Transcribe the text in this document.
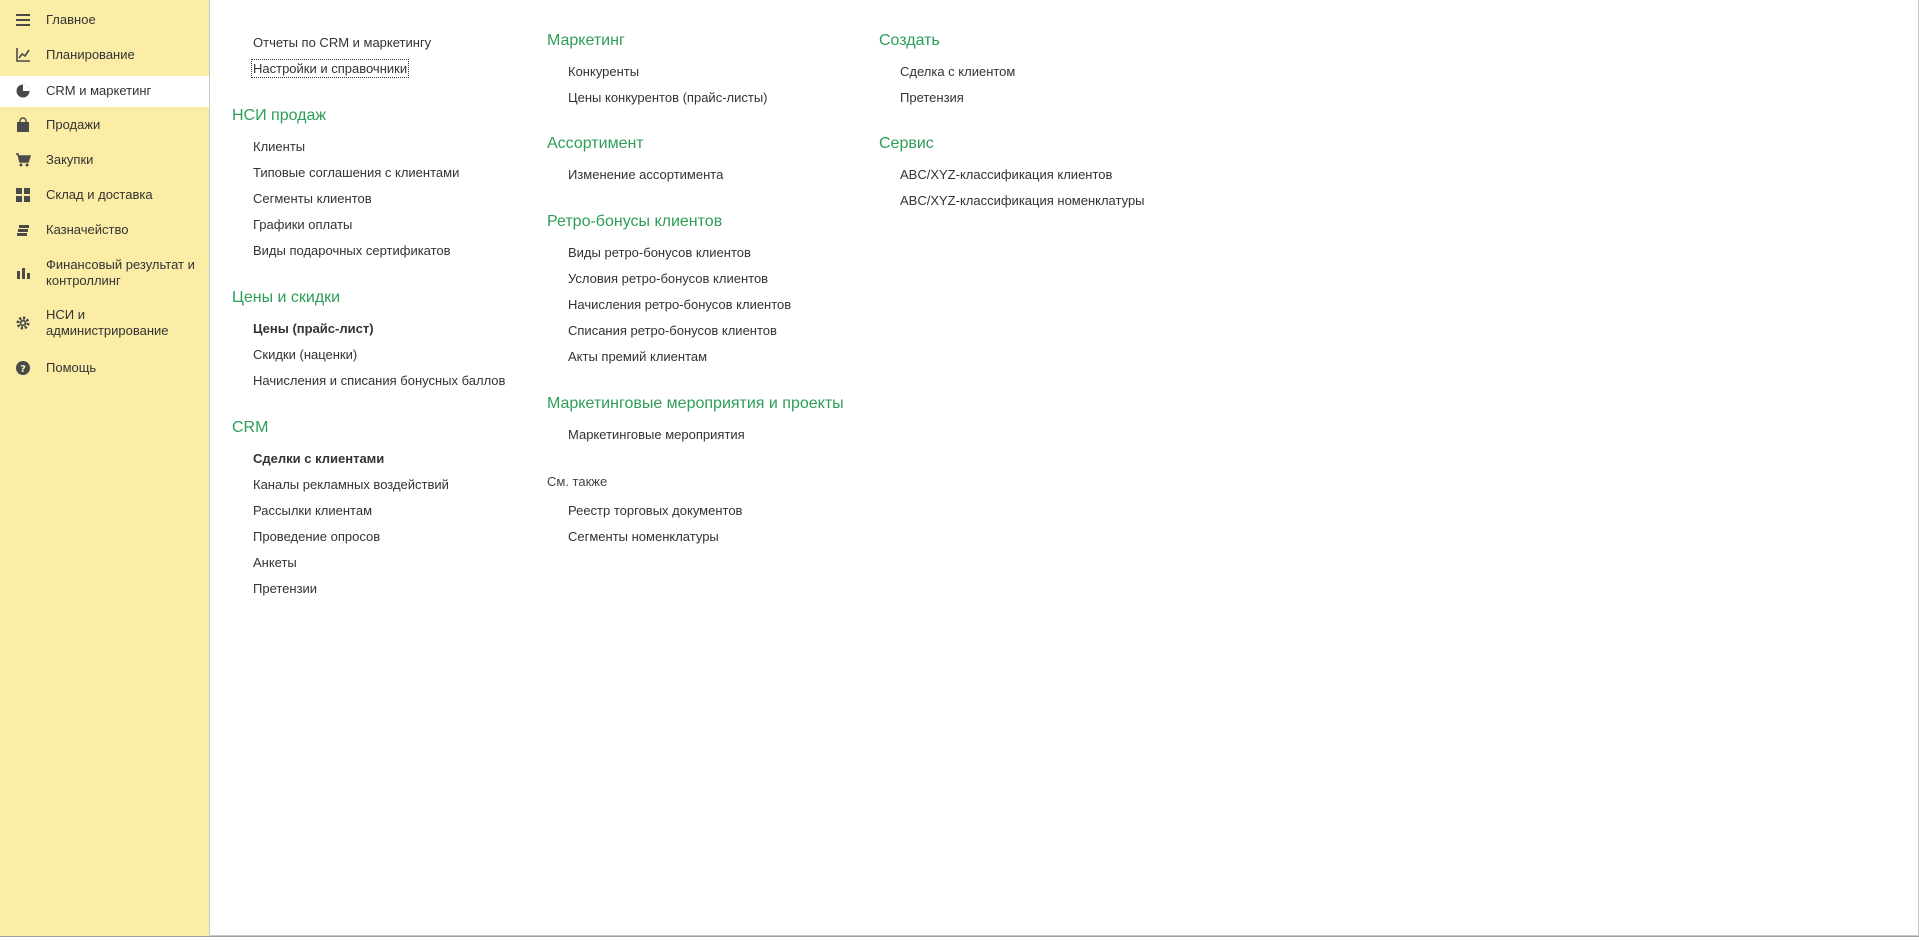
Главное
Планирование
CRM и маркетинг
Продажи
Закупки
Склад и доставка
Казначейство
Финансовый результат и контроллинг
НСИ и администрирование
? Помощь
Отчеты по CRM и маркетингу
Настройки и справочники
НСИ продаж
Клиенты
Типовые соглашения с клиентами
Сегменты клиентов
Графики оплаты
Виды подарочных сертификатов
Цены и скидки
Цены (прайс-лист)
Скидки (наценки)
Начисления и списания бонусных баллов
CRM
Сделки с клиентами
Каналы рекламных воздействий
Рассылки клиентам
Проведение опросов
Анкеты
Претензии
Маркетинг
Конкуренты
Цены конкурентов (прайс-листы)
Ассортимент
Изменение ассортимента
Ретро-бонусы клиентов
Виды ретро-бонусов клиентов
Условия ретро-бонусов клиентов
Начисления ретро-бонусов клиентов
Списания ретро-бонусов клиентов
Акты премий клиентам
Маркетинговые мероприятия и проекты
Маркетинговые мероприятия
См. также
Реестр торговых документов
Сегменты номенклатуры
Создать
Сделка с клиентом
Претензия
Сервис
ABC/XYZ-классификация клиентов
ABC/XYZ-классификация номенклатуры
